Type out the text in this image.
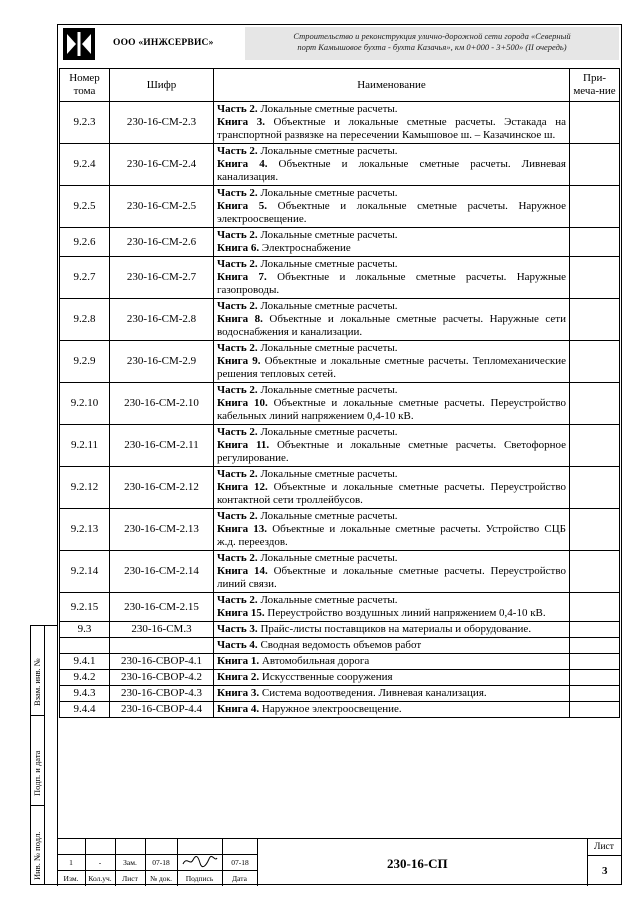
ООО «ИНЖСЕРВИС»
Строительство и реконструкция улично-дорожной сети города «Северный
порт Камышовое бухта - бухта Казачья», км 0+000 - 3+500» (II очередь)
Номер тома	Шифр	Наименование	При-меча-ние
9.2.3	230-16-СМ-2.3	Часть 2. Локальные сметные расчеты.
Книга 3. Объектные и локальные сметные расчеты. Эстакада на транспортной развязке на пересечении Камышовое ш. – Казачинское ш.	

9.2.4	230-16-СМ-2.4	Часть 2. Локальные сметные расчеты.
Книга 4. Объектные и локальные сметные расчеты. Ливневая канализация.	

9.2.5	230-16-СМ-2.5	Часть 2. Локальные сметные расчеты.
Книга 5. Объектные и локальные сметные расчеты. Наружное электроосвещение.	

9.2.6	230-16-СМ-2.6	Часть 2. Локальные сметные расчеты.
Книга 6. Электроснабжение	

9.2.7	230-16-СМ-2.7	Часть 2. Локальные сметные расчеты.
Книга 7. Объектные и локальные сметные расчеты. Наружные газопроводы.	

9.2.8	230-16-СМ-2.8	Часть 2. Локальные сметные расчеты.
Книга 8. Объектные и локальные сметные расчеты. Наружные сети водоснабжения и канализации.	

9.2.9	230-16-СМ-2.9	Часть 2. Локальные сметные расчеты.
Книга 9. Объектные и локальные сметные расчеты. Тепломеханические решения тепловых сетей.	

9.2.10	230-16-СМ-2.10	Часть 2. Локальные сметные расчеты.
Книга 10. Объектные и локальные сметные расчеты. Переустройство кабельных линий напряжением 0,4-10 кВ.	

9.2.11	230-16-СМ-2.11	Часть 2. Локальные сметные расчеты.
Книга 11. Объектные и локальные сметные расчеты. Светофорное регулирование.	

9.2.12	230-16-СМ-2.12	Часть 2. Локальные сметные расчеты.
Книга 12. Объектные и локальные сметные расчеты. Переустройство контактной сети троллейбусов.	

9.2.13	230-16-СМ-2.13	Часть 2. Локальные сметные расчеты.
Книга 13. Объектные и локальные сметные расчеты. Устройство СЦБ ж.д. переездов.	

9.2.14	230-16-СМ-2.14	Часть 2. Локальные сметные расчеты.
Книга 14. Объектные и локальные сметные расчеты. Переустройство линий связи.	

9.2.15	230-16-СМ-2.15	Часть 2. Локальные сметные расчеты.
Книга 15. Переустройство воздушных линий напряжением 0,4-10 кВ.	

9.3	230-16-СМ.3	Часть 3. Прайс-листы поставщиков на материалы и оборудование.	

		Часть 4. Сводная ведомость объемов работ	
9.4.1	230-16-СВОР-4.1	Книга 1. Автомобильная дорога	
9.4.2	230-16-СВОР-4.2	Книга 2. Искусственные сооружения	
9.4.3	230-16-СВОР-4.3	Книга 3. Система водоотведения. Ливневая канализация.	
9.4.4	230-16-СВОР-4.4	Книга 4. Наружное электроосвещение.	
Взам. инв. №
Подп. и дата
Инв. № подл.	1	-	Зам.	07-18	07-18
Изм.	Кол.уч.	Лист	№ док.	Подпись	Дата
230-16-СП
Лист
3
